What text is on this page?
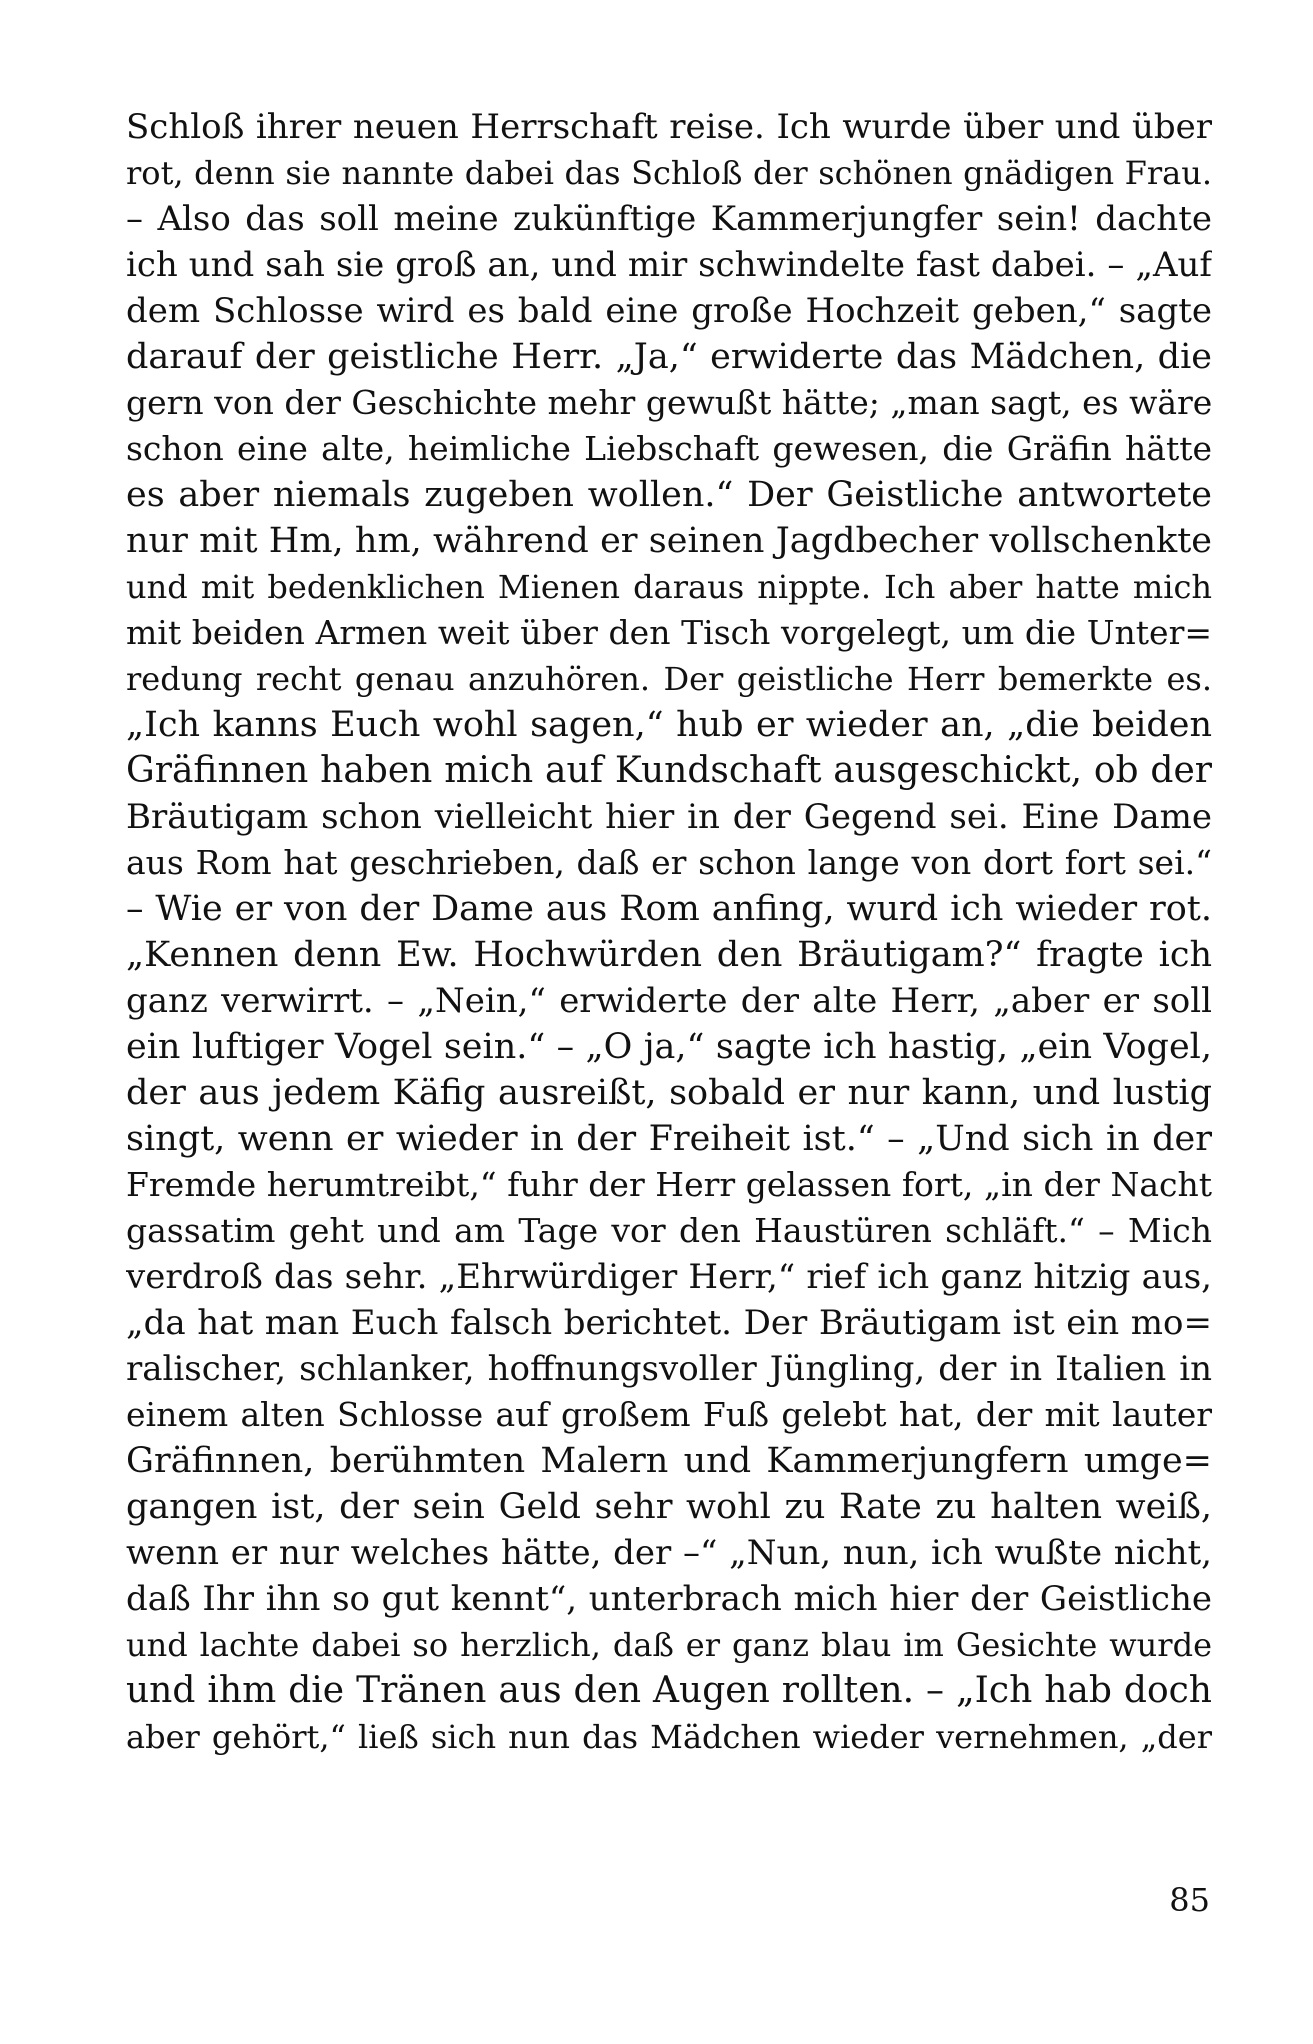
Schloß ihrer neuen Herrschaft reise. Ich wurde über und über
rot, denn sie nannte dabei das Schloß der schönen gnädigen Frau.
– Also das soll meine zukünftige Kammerjungfer sein! dachte
ich und sah sie groß an, und mir schwindelte fast dabei. – „Auf
dem Schlosse wird es bald eine große Hochzeit geben,“ sagte
darauf der geistliche Herr. „Ja,“ erwiderte das Mädchen, die
gern von der Geschichte mehr gewußt hätte; „man sagt, es wäre
schon eine alte, heimliche Liebschaft gewesen, die Gräfin hätte
es aber niemals zugeben wollen.“ Der Geistliche antwortete
nur mit Hm, hm, während er seinen Jagdbecher vollschenkte
und mit bedenklichen Mienen daraus nippte. Ich aber hatte mich
mit beiden Armen weit über den Tisch vorgelegt, um die Unter=
redung recht genau anzuhören. Der geistliche Herr bemerkte es.
„Ich kanns Euch wohl sagen,“ hub er wieder an, „die beiden
Gräfinnen haben mich auf Kundschaft ausgeschickt, ob der
Bräutigam schon vielleicht hier in der Gegend sei. Eine Dame
aus Rom hat geschrieben, daß er schon lange von dort fort sei.“
– Wie er von der Dame aus Rom anfing, wurd ich wieder rot.
„Kennen denn Ew. Hochwürden den Bräutigam?“ fragte ich
ganz verwirrt. – „Nein,“ erwiderte der alte Herr, „aber er soll
ein luftiger Vogel sein.“ – „O ja,“ sagte ich hastig, „ein Vogel,
der aus jedem Käfig ausreißt, sobald er nur kann, und lustig
singt, wenn er wieder in der Freiheit ist.“ – „Und sich in der
Fremde herumtreibt,“ fuhr der Herr gelassen fort, „in der Nacht
gassatim geht und am Tage vor den Haustüren schläft.“ – Mich
verdroß das sehr. „Ehrwürdiger Herr,“ rief ich ganz hitzig aus,
„da hat man Euch falsch berichtet. Der Bräutigam ist ein mo=
ralischer, schlanker, hoffnungsvoller Jüngling, der in Italien in
einem alten Schlosse auf großem Fuß gelebt hat, der mit lauter
Gräfinnen, berühmten Malern und Kammerjungfern umge=
gangen ist, der sein Geld sehr wohl zu Rate zu halten weiß,
wenn er nur welches hätte, der –“ „Nun, nun, ich wußte nicht,
daß Ihr ihn so gut kennt“, unterbrach mich hier der Geistliche
und lachte dabei so herzlich, daß er ganz blau im Gesichte wurde
und ihm die Tränen aus den Augen rollten. – „Ich hab doch
aber gehört,“ ließ sich nun das Mädchen wieder vernehmen, „der
85
